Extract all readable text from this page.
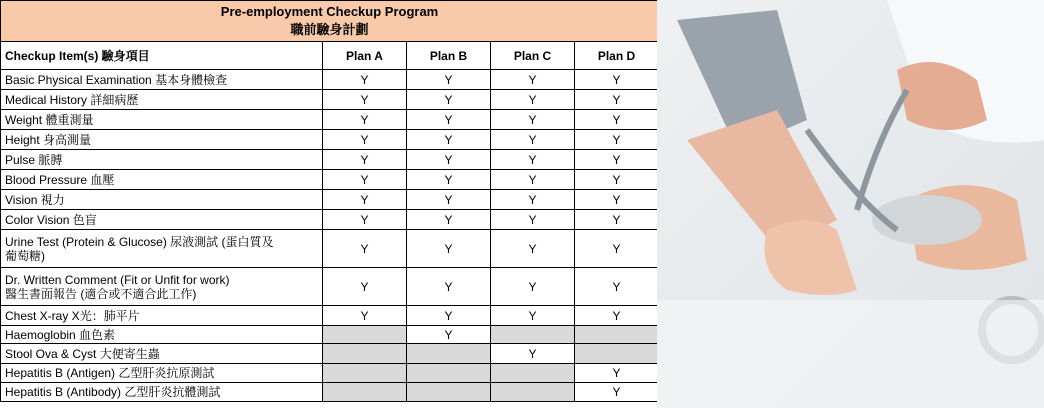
Pre-employment Checkup Program
職前驗身計劃				

Checkup Item(s) 驗身項目	Plan A	Plan B	Plan C	Plan D
Basic Physical Examination 基本身體檢查	Y	Y	Y	Y
Medical History 詳細病歷	Y	Y	Y	Y
Weight 體重測量	Y	Y	Y	Y
Height 身高測量	Y	Y	Y	Y
Pulse 脈膊	Y	Y	Y	Y
Blood Pressure 血壓	Y	Y	Y	Y
Vision 視力	Y	Y	Y	Y
Color Vision 色盲	Y	Y	Y	Y
Urine Test (Protein & Glucose) 尿液測試 (蛋白質及
葡萄糖)	Y	Y	Y	Y
Dr. Written Comment (Fit or Unfit for work)
醫生書面報告 (適合或不適合此工作)	Y	Y	Y	Y
Chest X-ray X光：肺平片	Y	Y	Y	Y
Haemoglobin 血色素		Y		
Stool Ova & Cyst 大便寄生蟲			Y	
Hepatitis B (Antigen) 乙型肝炎抗原測試				Y
Hepatitis B (Antibody) 乙型肝炎抗體測試				Y
